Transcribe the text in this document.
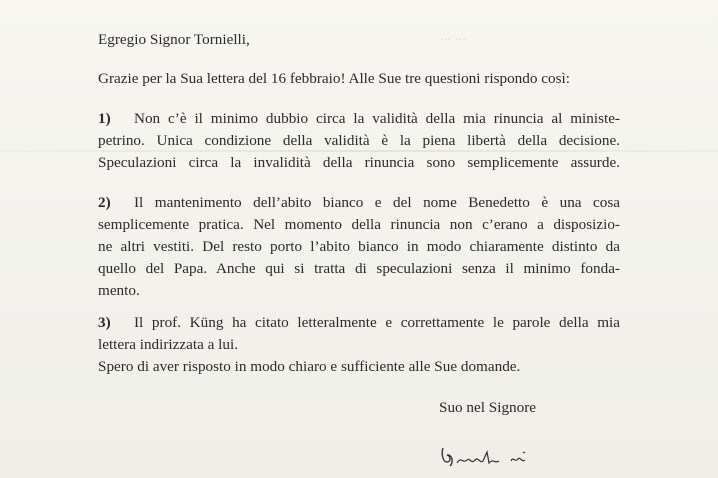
... ...
Egregio Signor Tornielli,
Grazie per la Sua lettera del 16 febbraio! Alle Sue tre questioni rispondo così:
1) Non c’è il minimo dubbio circa la validità della mia rinuncia al ministe-
petrino. Unica condizione della validità è la piena libertà della decisione.
Speculazioni circa la invalidità della rinuncia sono semplicemente assurde.
2) Il mantenimento dell’abito bianco e del nome Benedetto è una cosa
semplicemente pratica. Nel momento della rinuncia non c’erano a disposizio-
ne altri vestiti. Del resto porto l’abito bianco in modo chiaramente distinto da
quello del Papa. Anche qui si tratta di speculazioni senza il minimo fonda-
mento.
3) Il prof. Küng ha citato letteralmente e correttamente le parole della mia
lettera indirizzata a lui.
Spero di aver risposto in modo chiaro e sufficiente alle Sue domande.
Suo nel Signore
